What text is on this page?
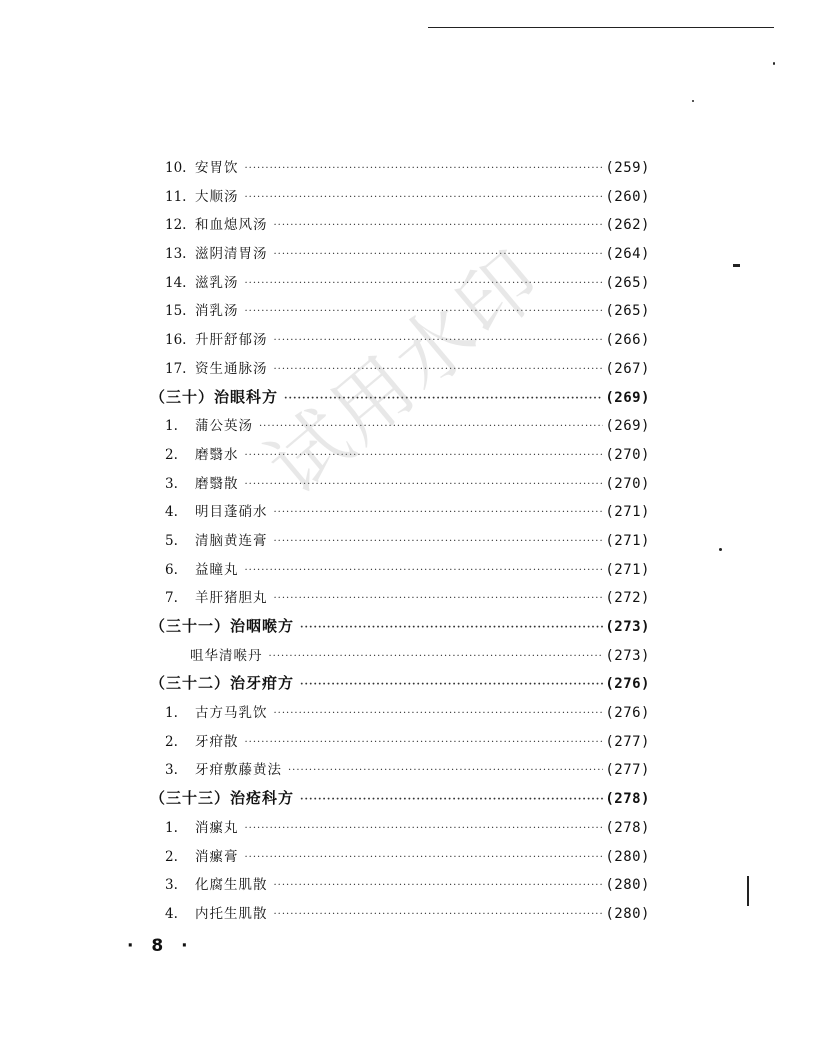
10. 安胃饮 ·····	(259)
11. 大顺汤 ·····	(260)
12. 和血熄风汤 ·····	(262)
13. 滋阴清胃汤 ·····	(264)
14. 滋乳汤 ·····	(265)
15. 消乳汤 ·····	(265)
16. 升肝舒郁汤 ·····	(266)
17. 资生通脉汤 ·····	(267)
（三十）治眼科方 ·····	(269)
1.	蒲公英汤 ·····	(269)
2.	磨翳水 ·····	(270)
3.	磨翳散 ·····	(270)
4.	明目蓬硝水 ·····	(271)
5.	清脑黄连膏 ·····	(271)
6.	益瞳丸 ·····	(271)
7.	羊肝猪胆丸 ·····	(272)
（三十一）治咽喉方 ·····	(273)
咀华清喉丹 ·····	(273)
（三十二）治牙疳方 ·····	(276)
1.	古方马乳饮 ·····	(276)
2.	牙疳散 ·····	(277)
3.	牙疳敷藤黄法 ·····	(277)
（三十三）治疮科方 ·····	(278)
1.	消瘰丸 ·····	(278)
2.	消瘰膏 ·····	(280)
3.	化腐生肌散 ·····	(280)
4.	内托生肌散 ·····	(280)
试用水印
· 8 ·
